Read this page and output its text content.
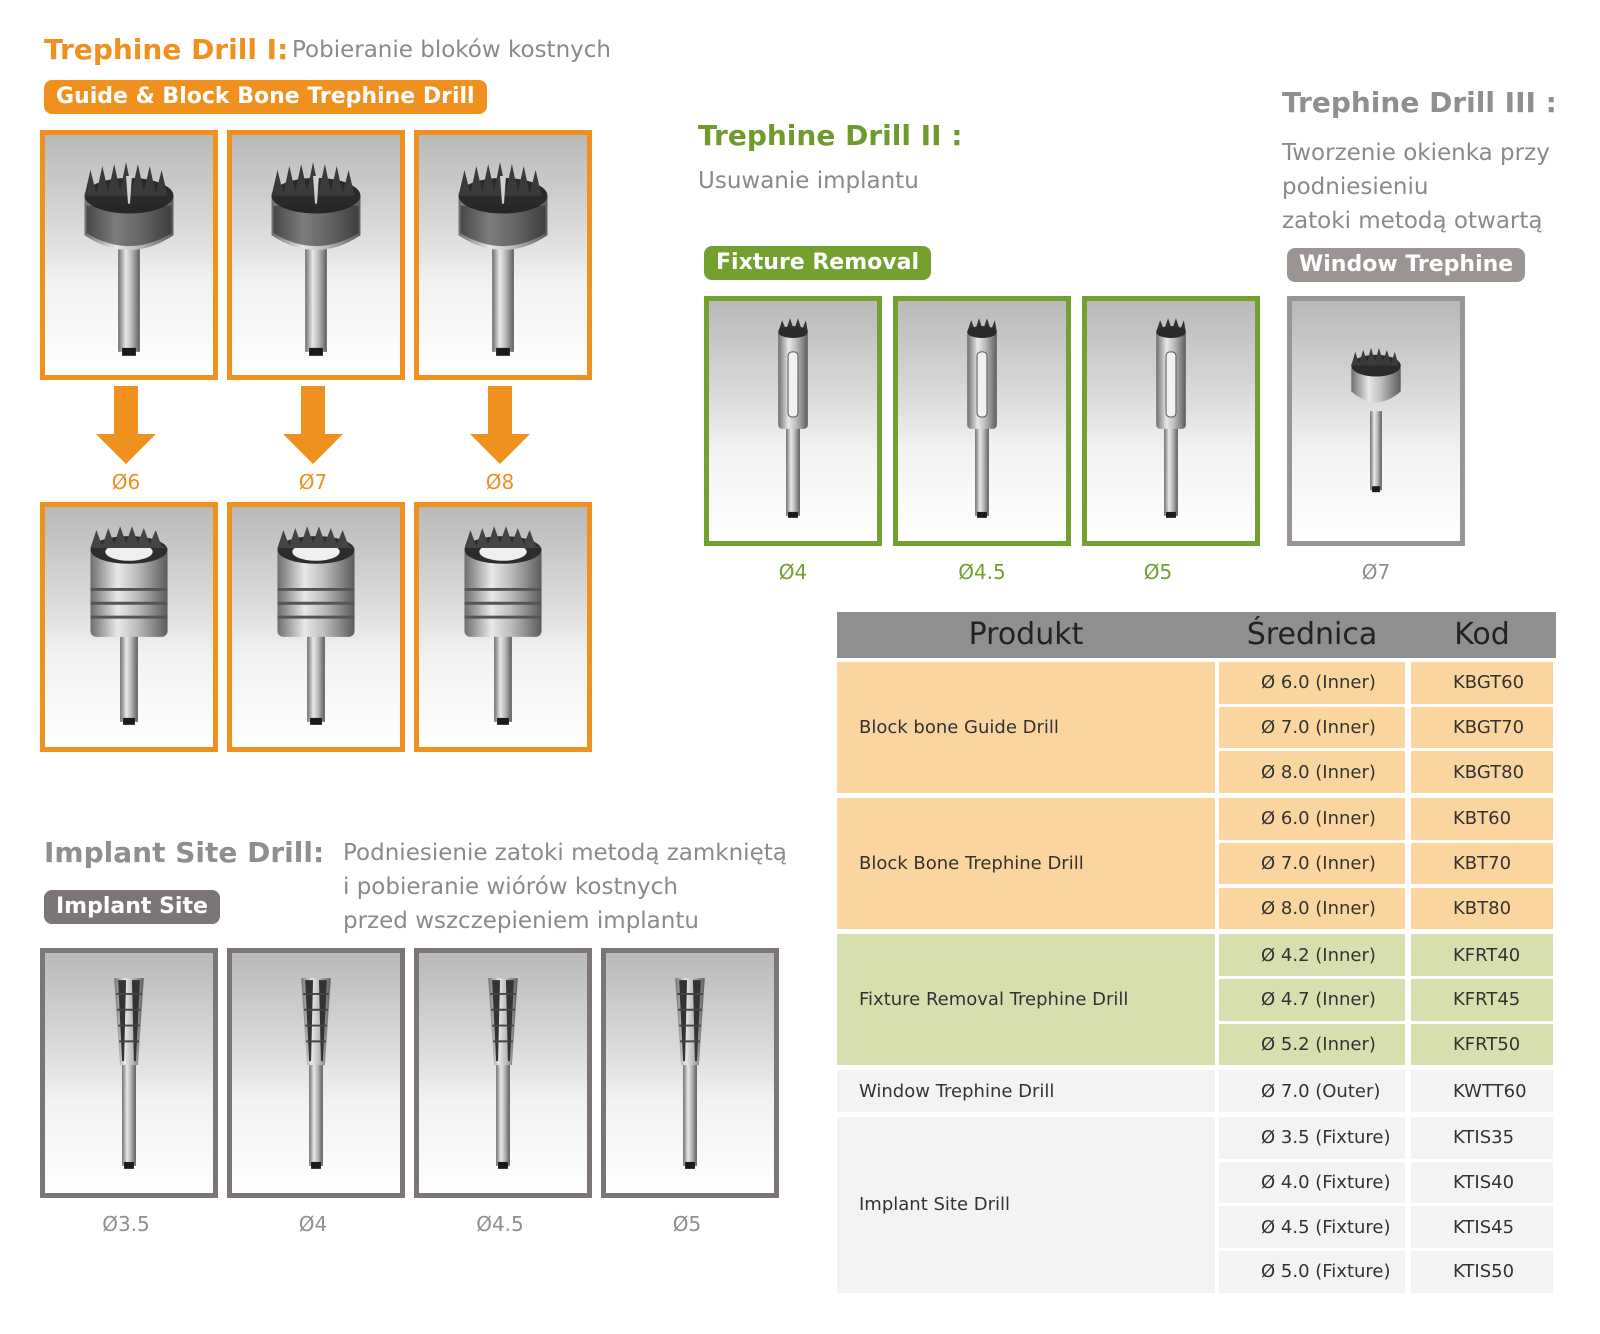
Trephine Drill I: Pobieranie bloków kostnych
Guide & Block Bone Trephine Drill
Ø6	Ø7	Ø8
Trephine Drill II :
Usuwanie implantu
Fixture Removal
Ø4	Ø4.5	Ø5
Trephine Drill III :
Tworzenie okienka przy
podniesieniu
zatoki metodą otwartą
Window Trephine
Ø7
Implant Site Drill: Podniesienie zatoki metodą zamkniętą
i pobieranie wiórów kostnych
przed wszczepieniem implantu
Implant Site
Ø3.5	Ø4	Ø4.5	Ø5
Produkt	Średnica	Kod
Block bone Guide Drill
Ø 6.0 (Inner)	KBGT60
Ø 7.0 (Inner)	KBGT70
Ø 8.0 (Inner)	KBGT80
Block Bone Trephine Drill
Ø 6.0 (Inner)	KBT60
Ø 7.0 (Inner)	KBT70
Ø 8.0 (Inner)	KBT80
Fixture Removal Trephine Drill
Ø 4.2 (Inner)	KFRT40
Ø 4.7 (Inner)	KFRT45
Ø 5.2 (Inner)	KFRT50
Window Trephine Drill	Ø 7.0 (Outer)	KWTT60
Implant Site Drill
Ø 3.5 (Fixture)	KTIS35
Ø 4.0 (Fixture)	KTIS40
Ø 4.5 (Fixture)	KTIS45
Ø 5.0 (Fixture)	KTIS50
